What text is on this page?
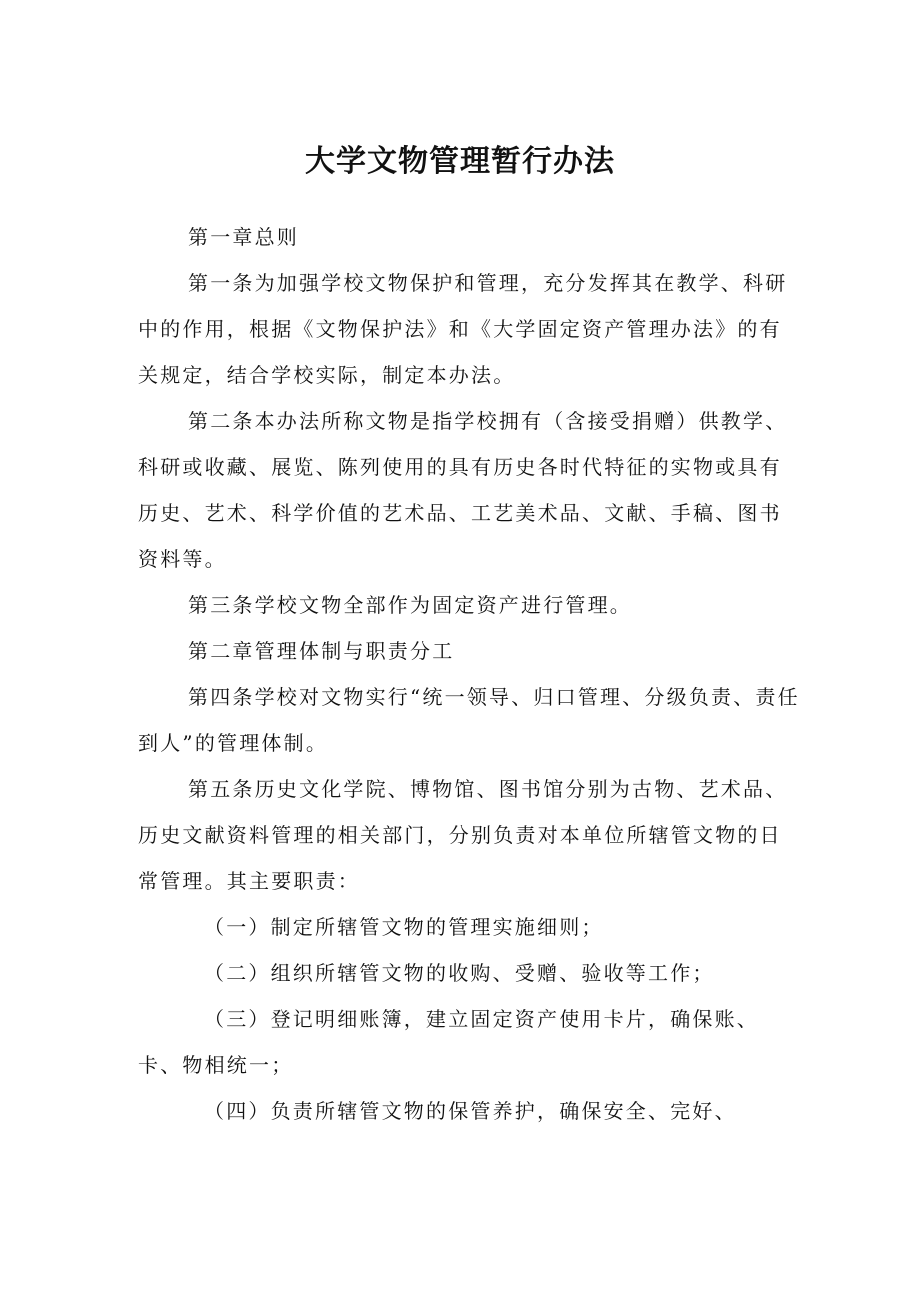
大学文物管理暂行办法

第一章总则

第一条为加强学校文物保护和管理，充分发挥其在教学、科研中的作用，根据《文物保护法》和《大学固定资产管理办法》的有关规定，结合学校实际，制定本办法。

第二条本办法所称文物是指学校拥有（含接受捐赠）供教学、科研或收藏、展览、陈列使用的具有历史各时代特征的实物或具有历史、艺术、科学价值的艺术品、工艺美术品、文献、手稿、图书资料等。

第三条学校文物全部作为固定资产进行管理。

第二章管理体制与职责分工

第四条学校对文物实行“统一领导、归口管理、分级负责、责任到人”的管理体制。

第五条历史文化学院、博物馆、图书馆分别为古物、艺术品、历史文献资料管理的相关部门，分别负责对本单位所辖管文物的日常管理。其主要职责：

（一）制定所辖管文物的管理实施细则；

（二）组织所辖管文物的收购、受赠、验收等工作；

（三）登记明细账簿，建立固定资产使用卡片，确保账、卡、物相统一；

（四）负责所辖管文物的保管养护，确保安全、完好、
